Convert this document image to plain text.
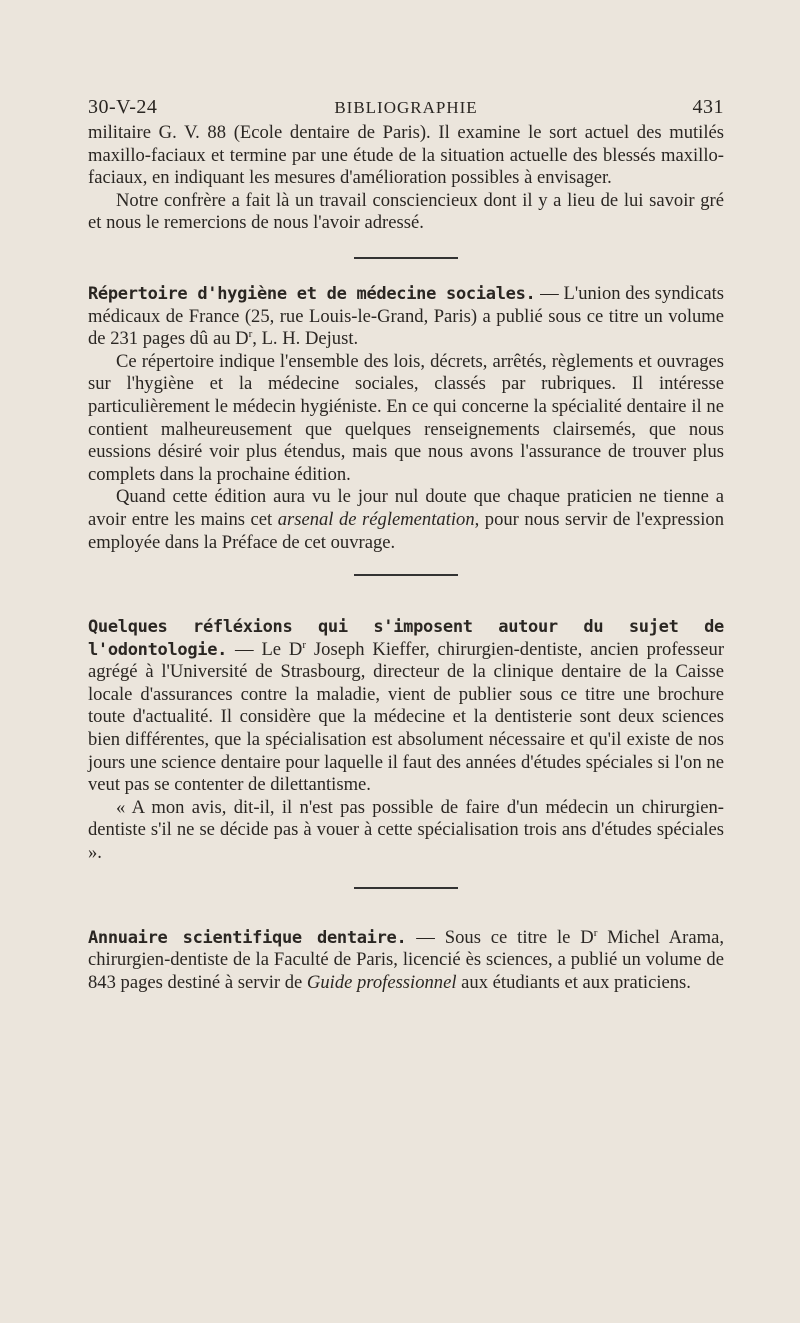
30-V-24	BIBLIOGRAPHIE	431

militaire G. V. 88 (Ecole dentaire de Paris). Il examine le sort actuel des mutilés maxillo-faciaux et termine par une étude de la situation actuelle des blessés maxillo-faciaux, en indiquant les mesures d'amélioration possibles à envisager.

Notre confrère a fait là un travail consciencieux dont il y a lieu de lui savoir gré et nous le remercions de nous l'avoir adressé.

Répertoire d'hygiène et de médecine sociales. — L'union des syndicats médicaux de France (25, rue Louis-le-Grand, Paris) a publié sous ce titre un volume de 231 pages dû au $D^r$, L. H. Dejust.

Ce répertoire indique l'ensemble des lois, décrets, arrêtés, règlements et ouvrages sur l'hygiène et la médecine sociales, classés par rubriques. Il intéresse particulièrement le médecin hygiéniste. En ce qui concerne la spécialité dentaire il ne contient malheureusement que quelques renseignements clairsemés, que nous eussions désiré voir plus étendus, mais que nous avons l'assurance de trouver plus complets dans la prochaine édition.

Quand cette édition aura vu le jour nul doute que chaque praticien ne tienne a avoir entre les mains cet arsenal de réglementation, pour nous servir de l'expression employée dans la Préface de cet ouvrage.

Quelques réfléxions qui s'imposent autour du sujet de l'odontologie. — Le $D^r$ Joseph Kieffer, chirurgien-dentiste, ancien professeur agrégé à l'Université de Strasbourg, directeur de la clinique dentaire de la Caisse locale d'assurances contre la maladie, vient de publier sous ce titre une brochure toute d'actualité. Il considère que la médecine et la dentisterie sont deux sciences bien différentes, que la spécialisation est absolument nécessaire et qu'il existe de nos jours une science dentaire pour laquelle il faut des années d'études spéciales si l'on ne veut pas se contenter de dilettantisme.

« A mon avis, dit-il, il n'est pas possible de faire d'un médecin un chirurgien-dentiste s'il ne se décide pas à vouer à cette spécialisation trois ans d'études spéciales ».

Annuaire scientifique dentaire. — Sous ce titre le $D^r$ Michel Arama, chirurgien-dentiste de la Faculté de Paris, licencié ès sciences, a publié un volume de 843 pages destiné à servir de Guide professionnel aux étudiants et aux praticiens.
